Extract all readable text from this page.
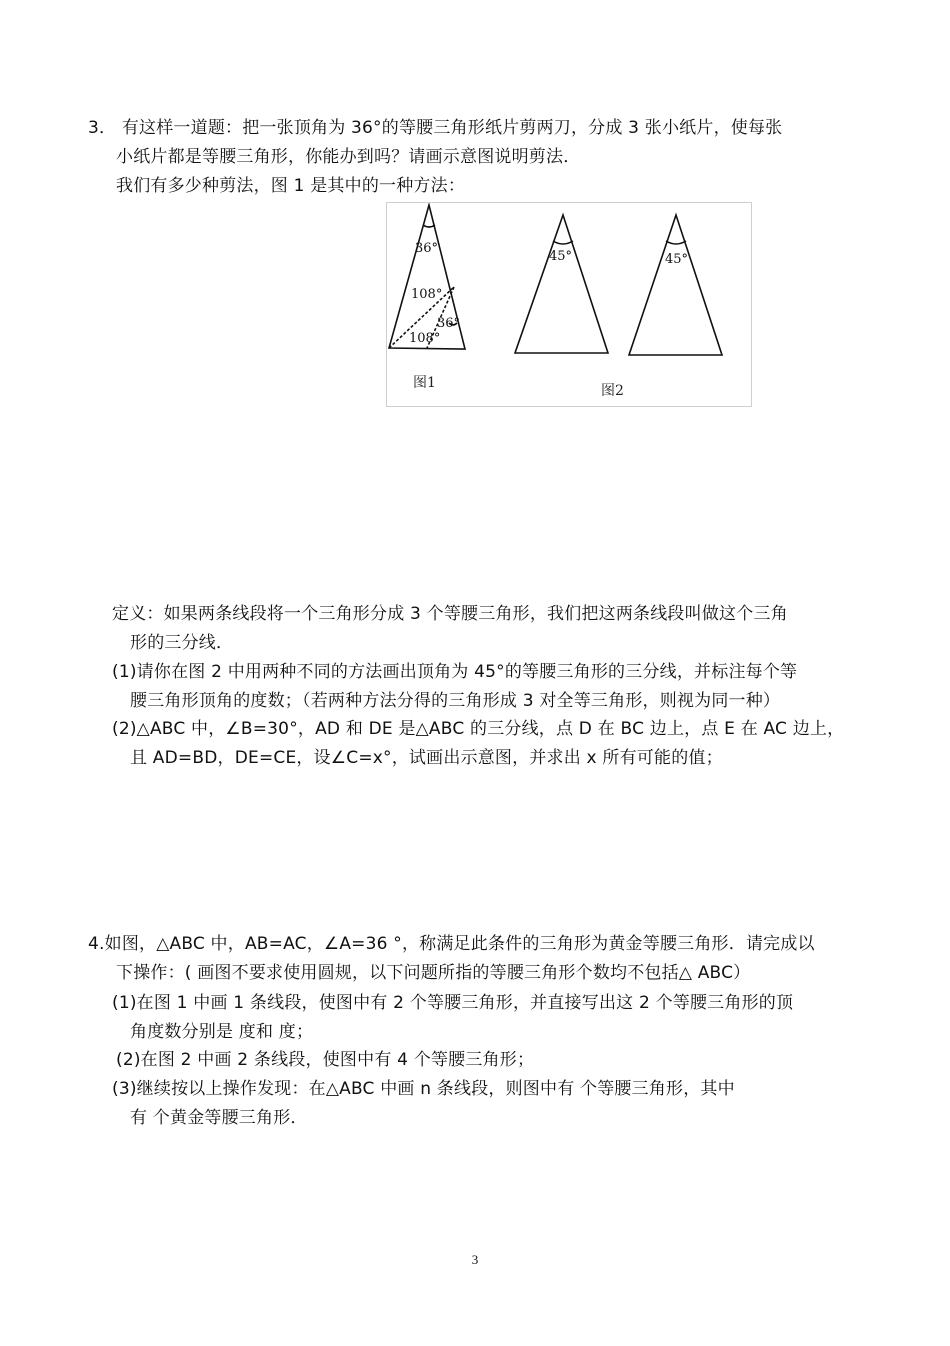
3． 有这样一道题：把一张顶角为 36°的等腰三角形纸片剪两刀，分成 3 张小纸片，使每张
小纸片都是等腰三角形，你能办到吗？请画示意图说明剪法．
我们有多少种剪法，图 1 是其中的一种方法：
36°
108°
36°
108°
45°	45°
图1	图2
定义：如果两条线段将一个三角形分成 3 个等腰三角形，我们把这两条线段叫做这个三角
形的三分线．
(1)请你在图 2 中用两种不同的方法画出顶角为 45°的等腰三角形的三分线，并标注每个等
腰三角形顶角的度数；（若两种方法分得的三角形成 3 对全等三角形，则视为同一种）
(2)△ABC 中，∠B=30°，AD 和 DE 是△ABC 的三分线，点 D 在 BC 边上，点 E 在 AC 边上，
且 AD=BD，DE=CE，设∠C=x°，试画出示意图，并求出 x 所有可能的值；
4.如图，△ABC 中，AB=AC，∠A=36 °，称满足此条件的三角形为黄金等腰三角形．请完成以
下操作：( 画图不要求使用圆规，以下问题所指的等腰三角形个数均不包括△ ABC）
(1)在图 1 中画 1 条线段，使图中有 2 个等腰三角形，并直接写出这 2 个等腰三角形的顶
角度数分别是 度和 度；
(2)在图 2 中画 2 条线段，使图中有 4 个等腰三角形；
(3)继续按以上操作发现：在△ABC 中画 n 条线段，则图中有 个等腰三角形，其中
有 个黄金等腰三角形．
3
